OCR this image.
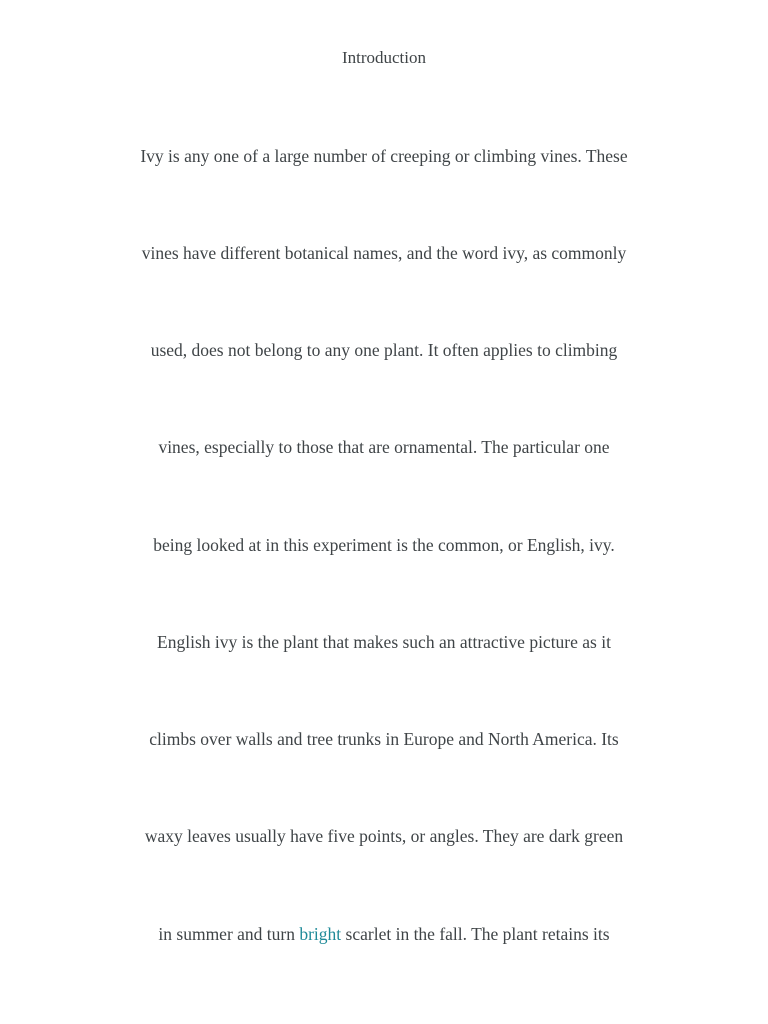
Introduction
Ivy is any one of a large number of creeping or climbing vines. These
vines have different botanical names, and the word ivy, as commonly
used, does not belong to any one plant. It often applies to climbing
vines, especially to those that are ornamental. The particular one
being looked at in this experiment is the common, or English, ivy.
English ivy is the plant that makes such an attractive picture as it
climbs over walls and tree trunks in Europe and North America. Its
waxy leaves usually have five points, or angles. They are dark green
in summer and turn bright scarlet in the fall. The plant retains its
